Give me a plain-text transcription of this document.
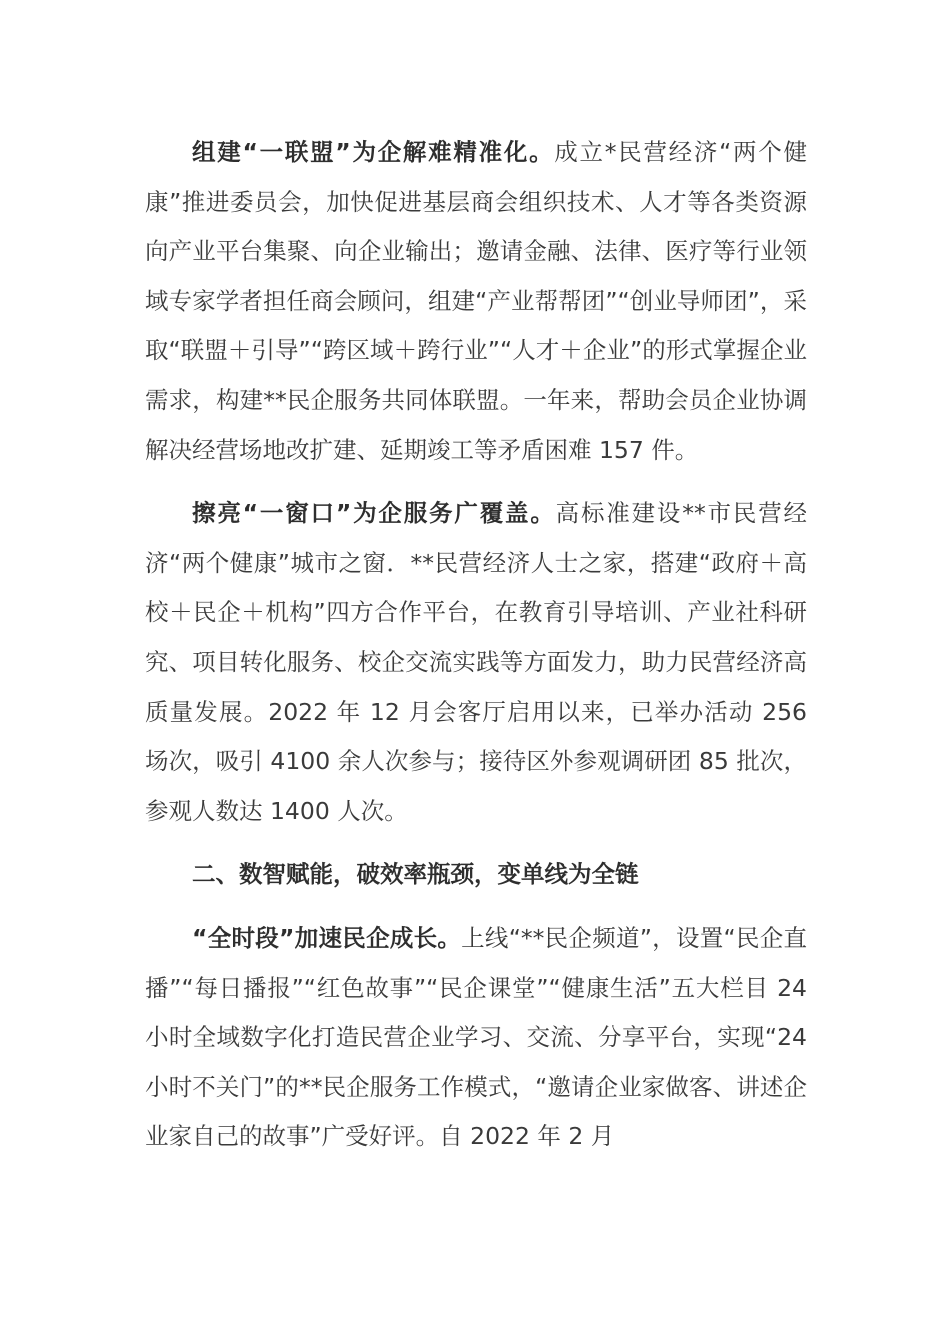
组建“一联盟”为企解难精准化。成立*民营经济“两个健康”推进委员会，加快促进基层商会组织技术、人才等各类资源向产业平台集聚、向企业输出；邀请金融、法律、医疗等行业领域专家学者担任商会顾问，组建“产业帮帮团”“创业导师团”，采取“联盟＋引导”“跨区域＋跨行业”“人才＋企业”的形式掌握企业需求，构建**民企服务共同体联盟。一年来，帮助会员企业协调解决经营场地改扩建、延期竣工等矛盾困难 157 件。

擦亮“一窗口”为企服务广覆盖。高标准建设**市民营经济“两个健康”城市之窗．**民营经济人士之家，搭建“政府＋高校＋民企＋机构”四方合作平台，在教育引导培训、产业社科研究、项目转化服务、校企交流实践等方面发力，助力民营经济高质量发展。2022 年 12 月会客厅启用以来，已举办活动 256 场次，吸引 4100 余人次参与；接待区外参观调研团 85 批次，参观人数达 1400 人次。

二、数智赋能，破效率瓶颈，变单线为全链

“全时段”加速民企成长。上线“**民企频道”，设置“民企直播”“每日播报”“红色故事”“民企课堂”“健康生活”五大栏目 24 小时全域数字化打造民营企业学习、交流、分享平台，实现“24 小时不关门”的**民企服务工作模式，“邀请企业家做客、讲述企业家自己的故事”广受好评。自 2022 年 2 月
